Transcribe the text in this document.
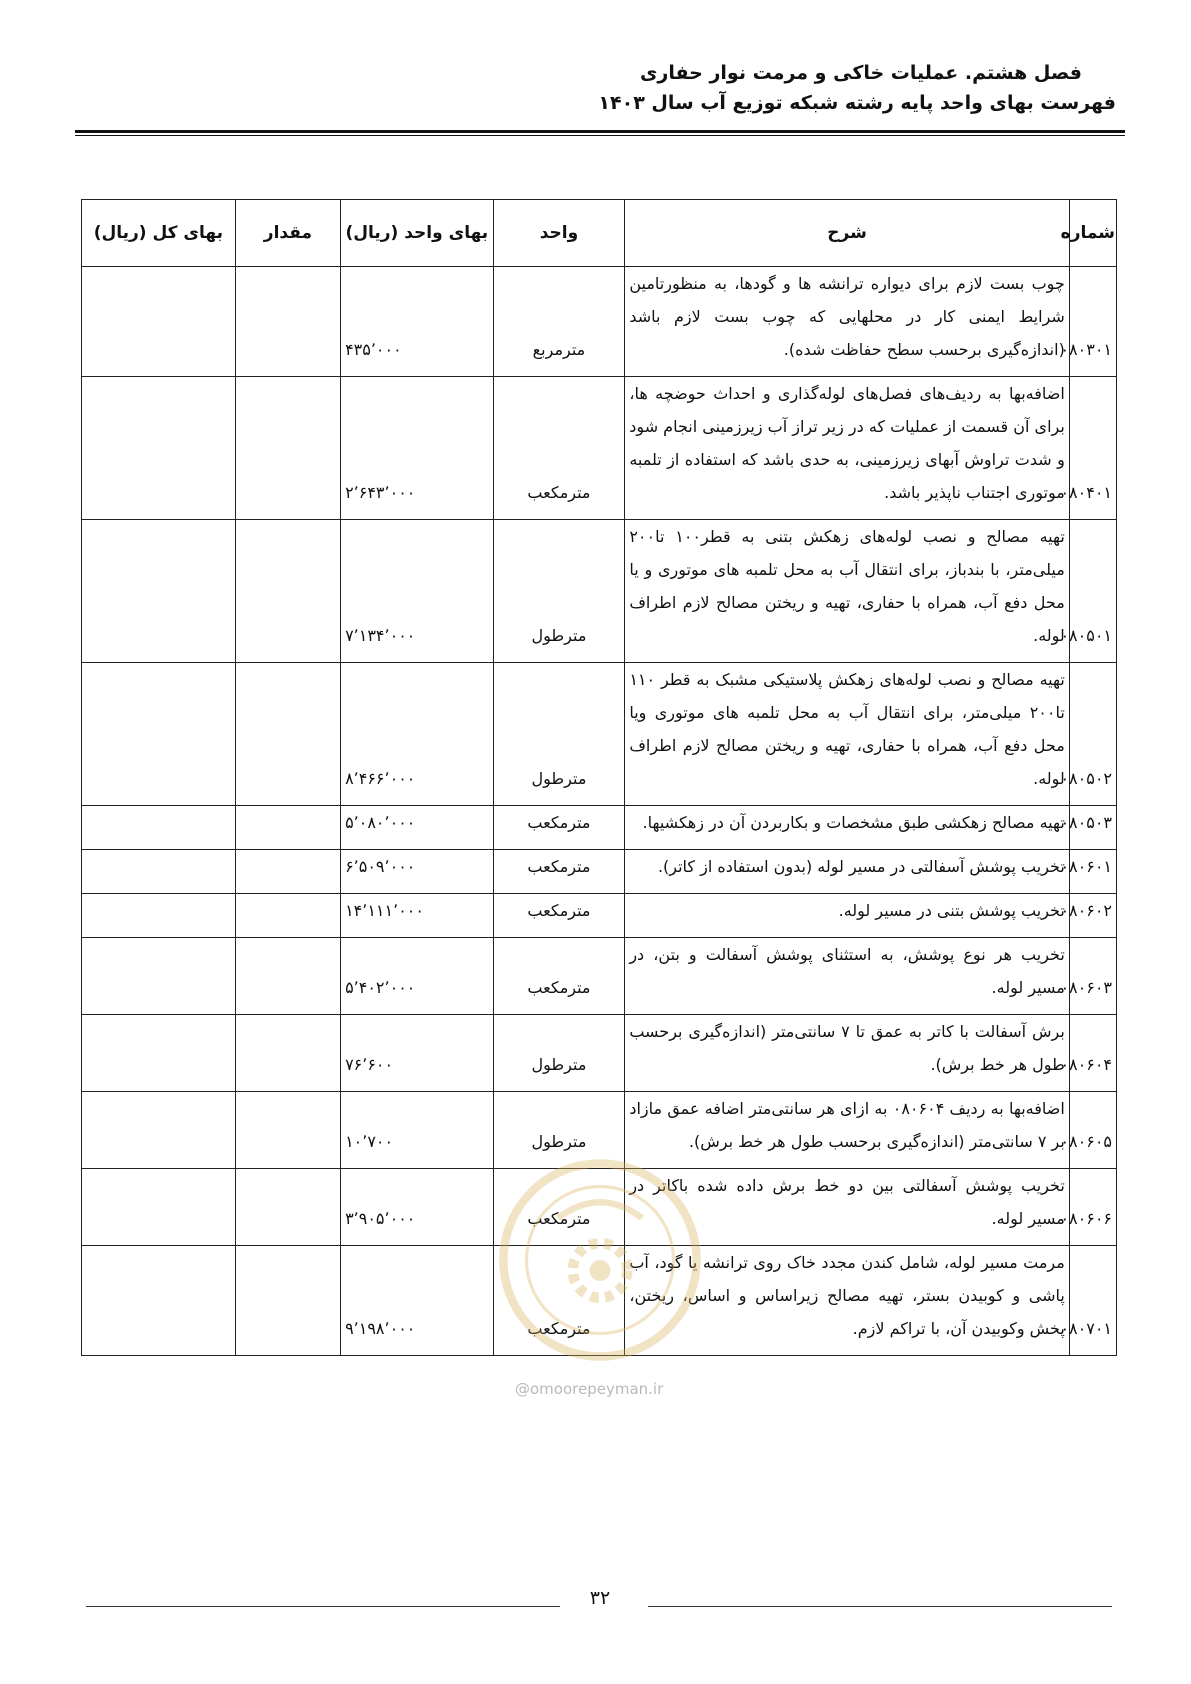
فصل هشتم. عملیات خاکی و مرمت نوار حفاری
فهرست بهای واحد پایه رشته شبکه توزیع آب سال ۱۴۰۳
شماره	شرح	واحد	بهای واحد (ریال)	مقدار	بهای کل (ریال)
۰۸۰۳۰۱	چوب بست لازم برای دیواره ترانشه ها و گودها، به منظورتامین شرایط ایمنی کار در محلهایی که چوب بست لازم باشد (اندازه‌گیری برحسب سطح حفاظت شده).	مترمربع	۴۳۵٬۰۰۰		
۰۸۰۴۰۱	اضافه‌بها به ردیف‌های فصل‌های لوله‌گذاری و احداث حوضچه ها، برای آن قسمت از عملیات که در زیر تراز آب زیرزمینی انجام شود و شدت تراوش آبهای زیرزمینی، به حدی باشد که استفاده از تلمبه موتوری اجتناب ناپذیر باشد.	مترمکعب	۲٬۶۴۳٬۰۰۰		
۰۸۰۵۰۱	تهیه مصالح و نصب لوله‌های زهکش بتنی به قطر۱۰۰ تا۲۰۰ میلی‌متر، با بندباز، برای انتقال آب به محل تلمبه های موتوری و یا محل دفع آب، همراه با حفاری، تهیه و ریختن مصالح لازم اطراف لوله.	مترطول	۷٬۱۳۴٬۰۰۰		
۰۸۰۵۰۲	تهیه مصالح و نصب لوله‌های زهکش پلاستیکی مشبک به قطر ۱۱۰ تا۲۰۰ میلی‌متر، برای انتقال آب به محل تلمبه های موتوری ویا محل دفع آب، همراه با حفاری، تهیه و ریختن مصالح لازم اطراف لوله.	مترطول	۸٬۴۶۶٬۰۰۰		
۰۸۰۵۰۳	تهیه مصالح زهکشی طبق مشخصات و بکاربردن آن در زهکشیها.	مترمکعب	۵٬۰۸۰٬۰۰۰		
۰۸۰۶۰۱	تخریب پوشش آسفالتی در مسیر لوله (بدون استفاده از کاتر).	مترمکعب	۶٬۵۰۹٬۰۰۰		
۰۸۰۶۰۲	تخریب پوشش بتنی در مسیر لوله.	مترمکعب	۱۴٬۱۱۱٬۰۰۰		
۰۸۰۶۰۳	تخریب هر نوع پوشش، به استثنای پوشش آسفالت و بتن، در مسیر لوله.	مترمکعب	۵٬۴۰۲٬۰۰۰		
۰۸۰۶۰۴	برش آسفالت با کاتر به عمق تا ۷ سانتی‌متر (اندازه‌گیری برحسب طول هر خط برش).	مترطول	۷۶٬۶۰۰		
۰۸۰۶۰۵	اضافه‌بها به ردیف ۰۸۰۶۰۴ به ازای هر سانتی‌متر اضافه عمق مازاد بر ۷ سانتی‌متر (اندازه‌گیری برحسب طول هر خط برش).	مترطول	۱۰٬۷۰۰		
۰۸۰۶۰۶	تخریب پوشش آسفالتی بین دو خط برش داده شده باکاتر در مسیر لوله.	مترمکعب	۳٬۹۰۵٬۰۰۰		
۰۸۰۷۰۱	مرمت مسیر لوله، شامل کندن مجدد خاک روی ترانشه یا گود، آب پاشی و کوبیدن بستر، تهیه مصالح زیراساس و اساس، ریختن، پخش وکوبیدن آن، با تراکم لازم.	مترمکعب	۹٬۱۹۸٬۰۰۰		
@omoorepeyman.ir
۳۲
